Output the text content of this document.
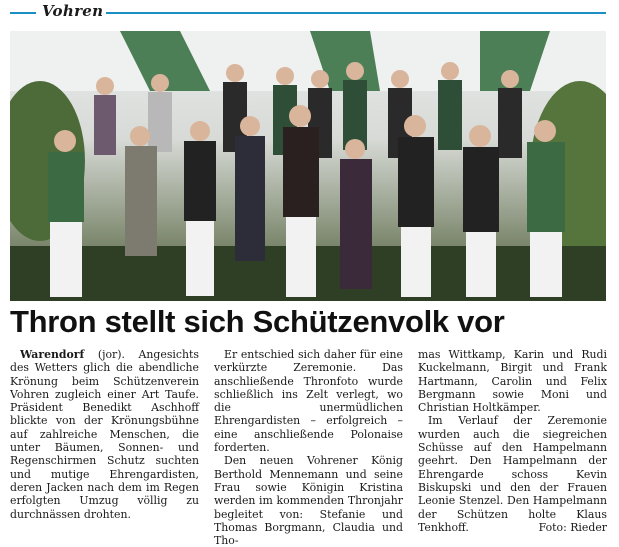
Vohren
Thron stellt sich Schützenvolk vor

Warendorf (jor). Angesichts des Wetters glich die abendliche Krönung beim Schützenverein Vohren zugleich einer Art Taufe. Präsident Benedikt Aschhoff blickte von der Krönungsbühne auf zahlreiche Menschen, die unter Bäumen, Sonnen- und Regenschirmen Schutz suchten und mutige Ehrengardisten, deren Jacken nach dem im Regen erfolgten Umzug völlig zu durchnässen drohten.

Er entschied sich daher für eine verkürzte Zeremonie. Das anschließende Thronfoto wurde schließlich ins Zelt verlegt, wo die unermüdlichen Ehrengardisten – erfolgreich – eine anschließende Polonaise forderten.

Den neuen Vohrener König Berthold Mennemann und seine Frau sowie Königin Kristina werden im kommenden Thronjahr begleitet von: Stefanie und Thomas Borgmann, Claudia und Tho-

mas Wittkamp, Karin und Rudi Kuckelmann, Birgit und Frank Hartmann, Carolin und Felix Bergmann sowie Moni und Christian Holtkämper.

Im Verlauf der Zeremonie wurden auch die siegreichen Schüsse auf den Hampelmann geehrt. Den Hampelmann der Ehrengarde schoss Kevin Biskupski und den der Frauen Leonie Stenzel. Den Hampelmann der Schützen holte Klaus Tenkhoff.	Foto: Rieder
